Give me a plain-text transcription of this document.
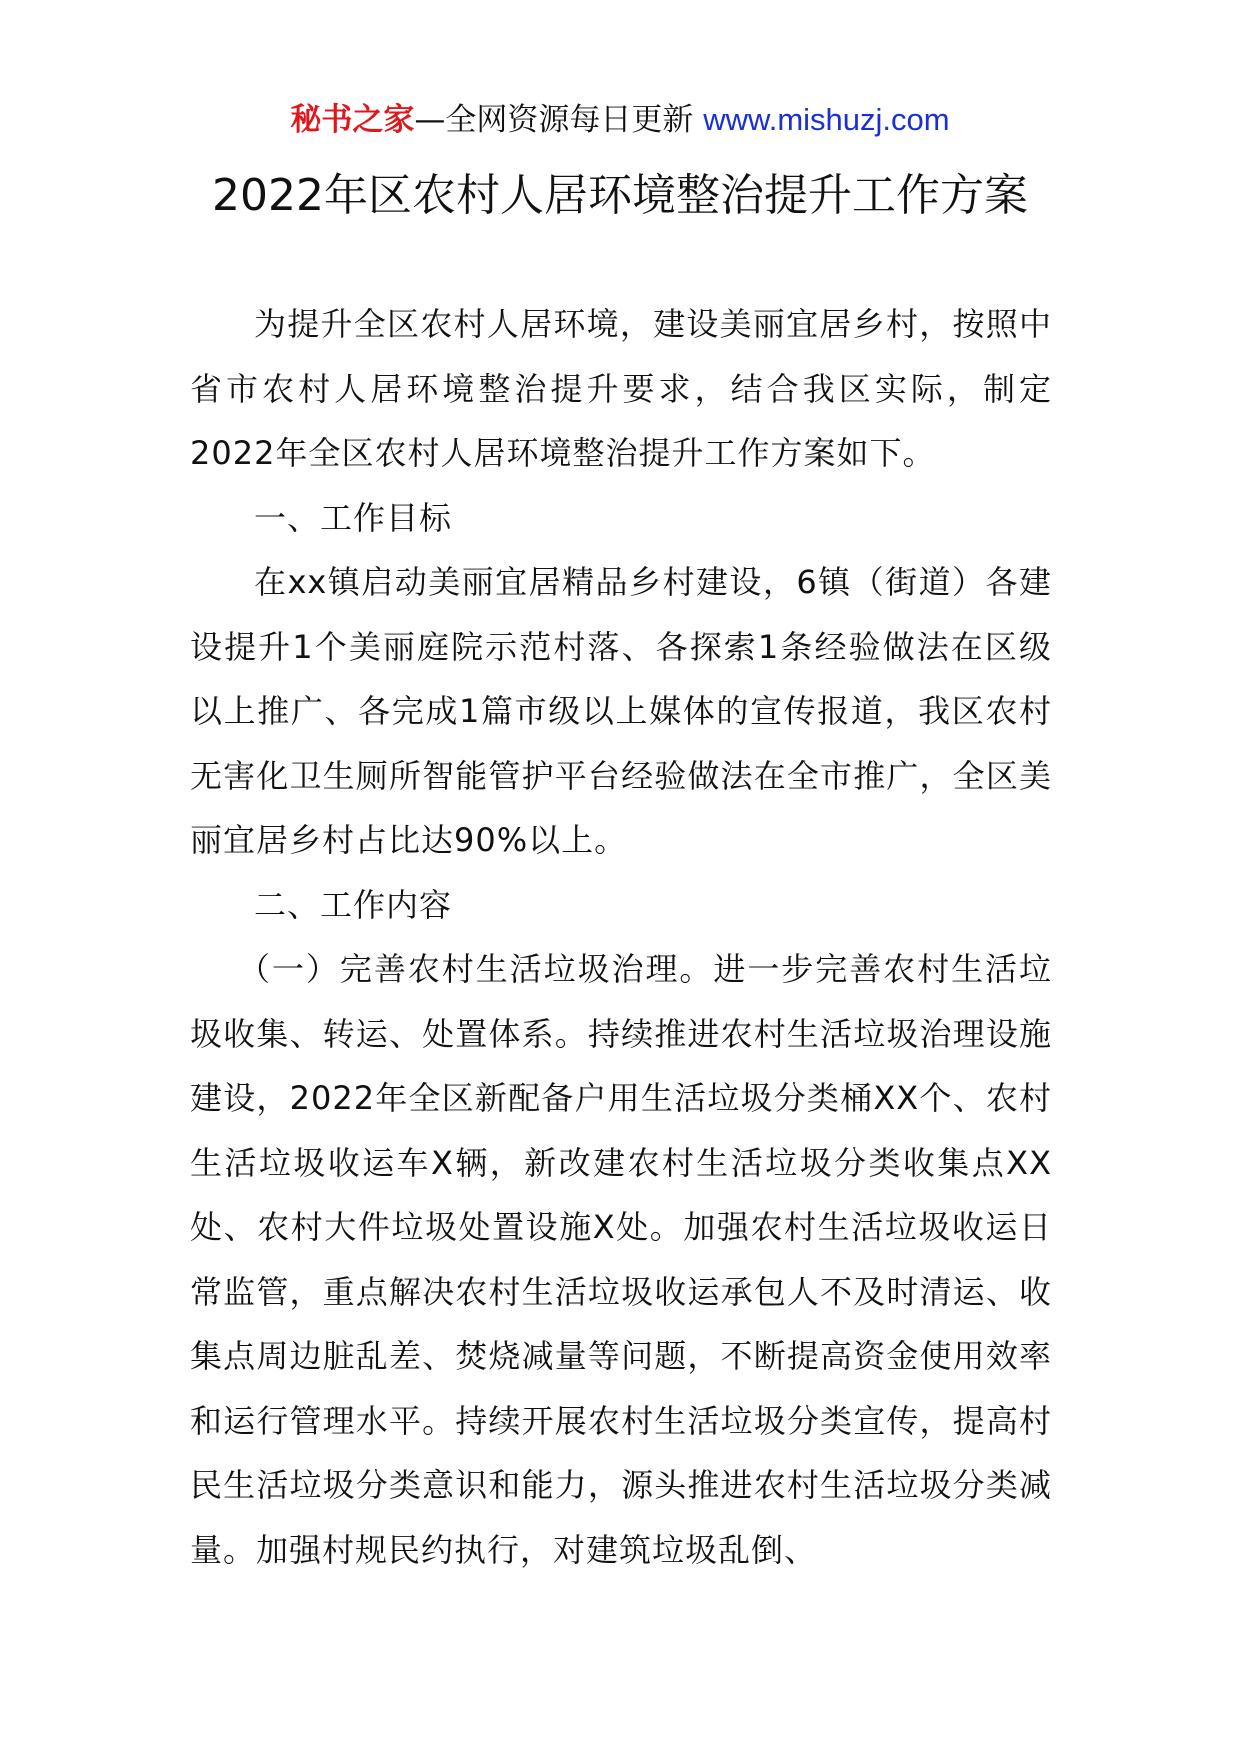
秘书之家—全网资源每日更新 www.mishuzj.com
2022年区农村人居环境整治提升工作方案

为提升全区农村人居环境，建设美丽宜居乡村，按照中省市农村人居环境整治提升要求，结合我区实际，制定2022年全区农村人居环境整治提升工作方案如下。

一、工作目标

在xx镇启动美丽宜居精品乡村建设，6镇（街道）各建设提升1个美丽庭院示范村落、各探索1条经验做法在区级以上推广、各完成1篇市级以上媒体的宣传报道，我区农村无害化卫生厕所智能管护平台经验做法在全市推广，全区美丽宜居乡村占比达90%以上。

二、工作内容

（一）完善农村生活垃圾治理。进一步完善农村生活垃圾收集、转运、处置体系。持续推进农村生活垃圾治理设施建设，2022年全区新配备户用生活垃圾分类桶XX个、农村生活垃圾收运车X辆，新改建农村生活垃圾分类收集点XX处、农村大件垃圾处置设施X处。加强农村生活垃圾收运日常监管，重点解决农村生活垃圾收运承包人不及时清运、收集点周边脏乱差、焚烧减量等问题，不断提高资金使用效率和运行管理水平。持续开展农村生活垃圾分类宣传，提高村民生活垃圾分类意识和能力，源头推进农村生活垃圾分类减量。加强村规民约执行，对建筑垃圾乱倒、
